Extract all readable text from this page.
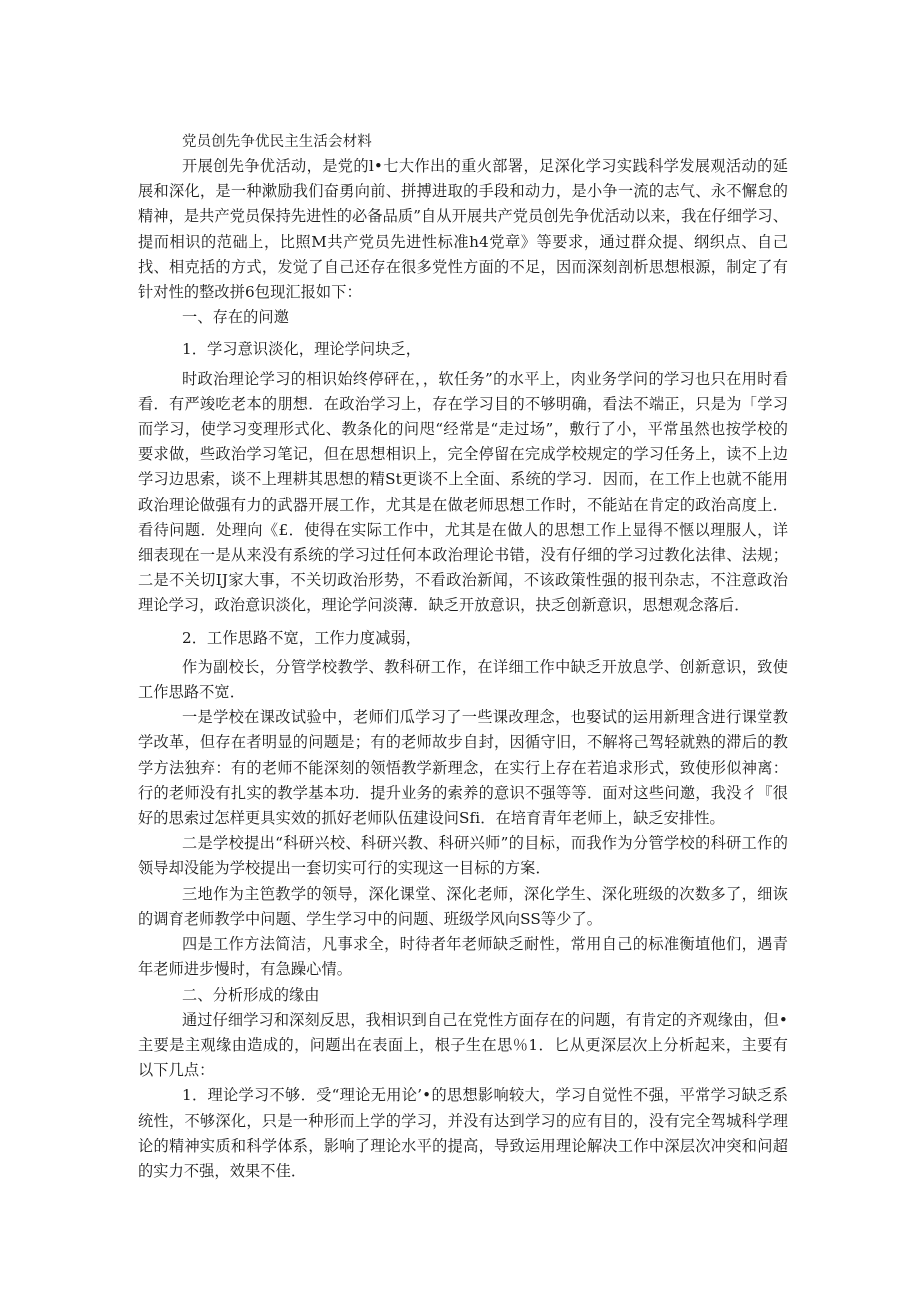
党员创先争优民主生活会材料

开展创先争优活动，是党的l•七大作出的重火部署，足深化学习实践科学发展观活动的延展和深化，是一种漱励我们奋勇向前、拼搏进取的手段和动力，是小争一流的志气、永不懈怠的精神，是共产党员保持先进性的必备品质”自从开展共产党员创先争优活动以来，我在仔细学习、提而相识的范础上，比照M共产党员先进性标准h4党章》等要求，通过群众提、纲织点、自己找、相克括的方式，发觉了自己还存在很多党性方面的不足，因而深刻剖析思想根源，制定了有针对性的整改拼6包现汇报如下：

一、存在的问邀

1．学习意识淡化，理论学问块乏，

时政治理论学习的相识始终停砰在，，软任务”的水平上，肉业务学问的学习也只在用时看看．有严竣吃老本的朋想．在政治学习上，存在学习目的不够明确，看法不端正，只是为「学习而学习，使学习变理形式化、教条化的问咫“经常是“走过场”，敷行了小，平常虽然也按学校的要求做，些政治学习笔记，但在思想相识上，完全停留在完成学校规定的学习任务上，读不上边学习边思索，谈不上理耕其思想的精St更谈不上全面、系统的学习．因而，在工作上也就不能用政治理论做强有力的武器开展工作，尤其是在做老师思想工作时，不能站在肯定的政治高度上．看待问题．处理向《£．使得在实际工作中，尤其是在做人的思想工作上显得不惬以理服人，详细表现在一是从来没有系统的学习过任何本政治理论书错，没有仔细的学习过教化法律、法规；二是不关切IJ家大事，不关切政治形势，不看政治新闻，不该政策性强的报刊杂志，不注意政治理论学习，政治意识淡化，理论学问淡薄．缺乏开放意识，抉乏创新意识，思想观念落后．

2．工作思路不宽，工作力度减弱，

作为副校长，分管学校教学、教科研工作，在详细工作中缺乏开放息学、创新意识，致使工作思路不宽．

一是学校在课改试验中，老师们瓜学习了一些课改理念，也娶试的运用新理含进行课堂教学改革，但存在者明显的问题是；有的老师故步自封，因循守旧，不解将己驾轻就熟的滞后的教学方法独弃：有的老师不能深刻的领悟教学新理念，在实行上存在若追求形式，致使形似神离：行的老师没有扎实的教学基本功．提升业务的索养的意识不强等等．面对这些问邀，我没彳『很好的思索过怎样更具实效的抓好老师队伍建设问Sfi．在培育青年老师上，缺乏安排性。

二是学校提出“科研兴校、科研兴教、科研兴师”的目标，而我作为分管学校的科研工作的领导却没能为学校提出一套切实可行的实现这一目标的方案．

三地作为主笆教学的领导，深化课堂、深化老师，深化学生、深化班级的次数多了，细诙的调育老师教学中问题、学生学习中的问题、班级学风向SS等少了。

四是工作方法简洁，凡事求全，时待者年老师缺乏耐性，常用自己的标准衡埴他们，遇青年老师进步慢时，有急躁心情。

二、分析形成的缘由

通过仔细学习和深刻反思，我相识到自己在党性方面存在的问题，有肯定的齐观缘由，但•主要是主观缘由造成的，问题出在表面上，根子生在思％1．匕从更深层次上分析起来，主要有以下几点：

1．理论学习不够．受“理论无用论’•的思想影响较大，学习自觉性不强，平常学习缺乏系统性，不够深化，只是一种形而上学的学习，并没有达到学习的应有目的，没有完全驾城科学理论的精神实质和科学体系，影响了理论水平的提高，导致运用理论解决工作中深层次冲突和问超的实力不强，效果不佳．
